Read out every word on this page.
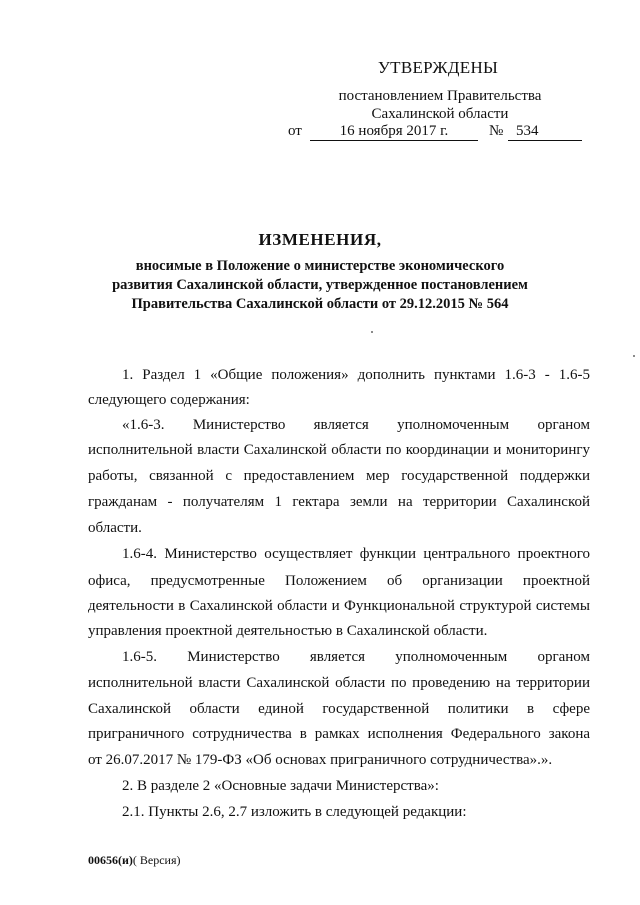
УТВЕРЖДЕНЫ
постановлением Правительства
Сахалинской области
от	16 ноября 2017 г.	№ 534
ИЗМЕНЕНИЯ,
вносимые в Положение о министерстве экономического
развития Сахалинской области, утвержденное постановлением
Правительства Сахалинской области от 29.12.2015 № 564
1. Раздел 1 «Общие положения» дополнить пунктами 1.6-3 - 1.6-5
следующего содержания:
«1.6-3. Министерство является уполномоченным органом
исполнительной власти Сахалинской области по координации и мониторингу
работы, связанной с предоставлением мер государственной поддержки
гражданам - получателям 1 гектара земли на территории Сахалинской
области.
1.6-4. Министерство осуществляет функции центрального проектного
офиса, предусмотренные Положением об организации проектной
деятельности в Сахалинской области и Функциональной структурой системы
управления проектной деятельностью в Сахалинской области.
1.6-5. Министерство является уполномоченным органом
исполнительной власти Сахалинской области по проведению на территории
Сахалинской области единой государственной политики в сфере
приграничного сотрудничества в рамках исполнения Федерального закона
от 26.07.2017 № 179-ФЗ «Об основах приграничного сотрудничества».».
2. В разделе 2 «Основные задачи Министерства»:
2.1. Пункты 2.6, 2.7 изложить в следующей редакции:
00656(и)( Версия)
